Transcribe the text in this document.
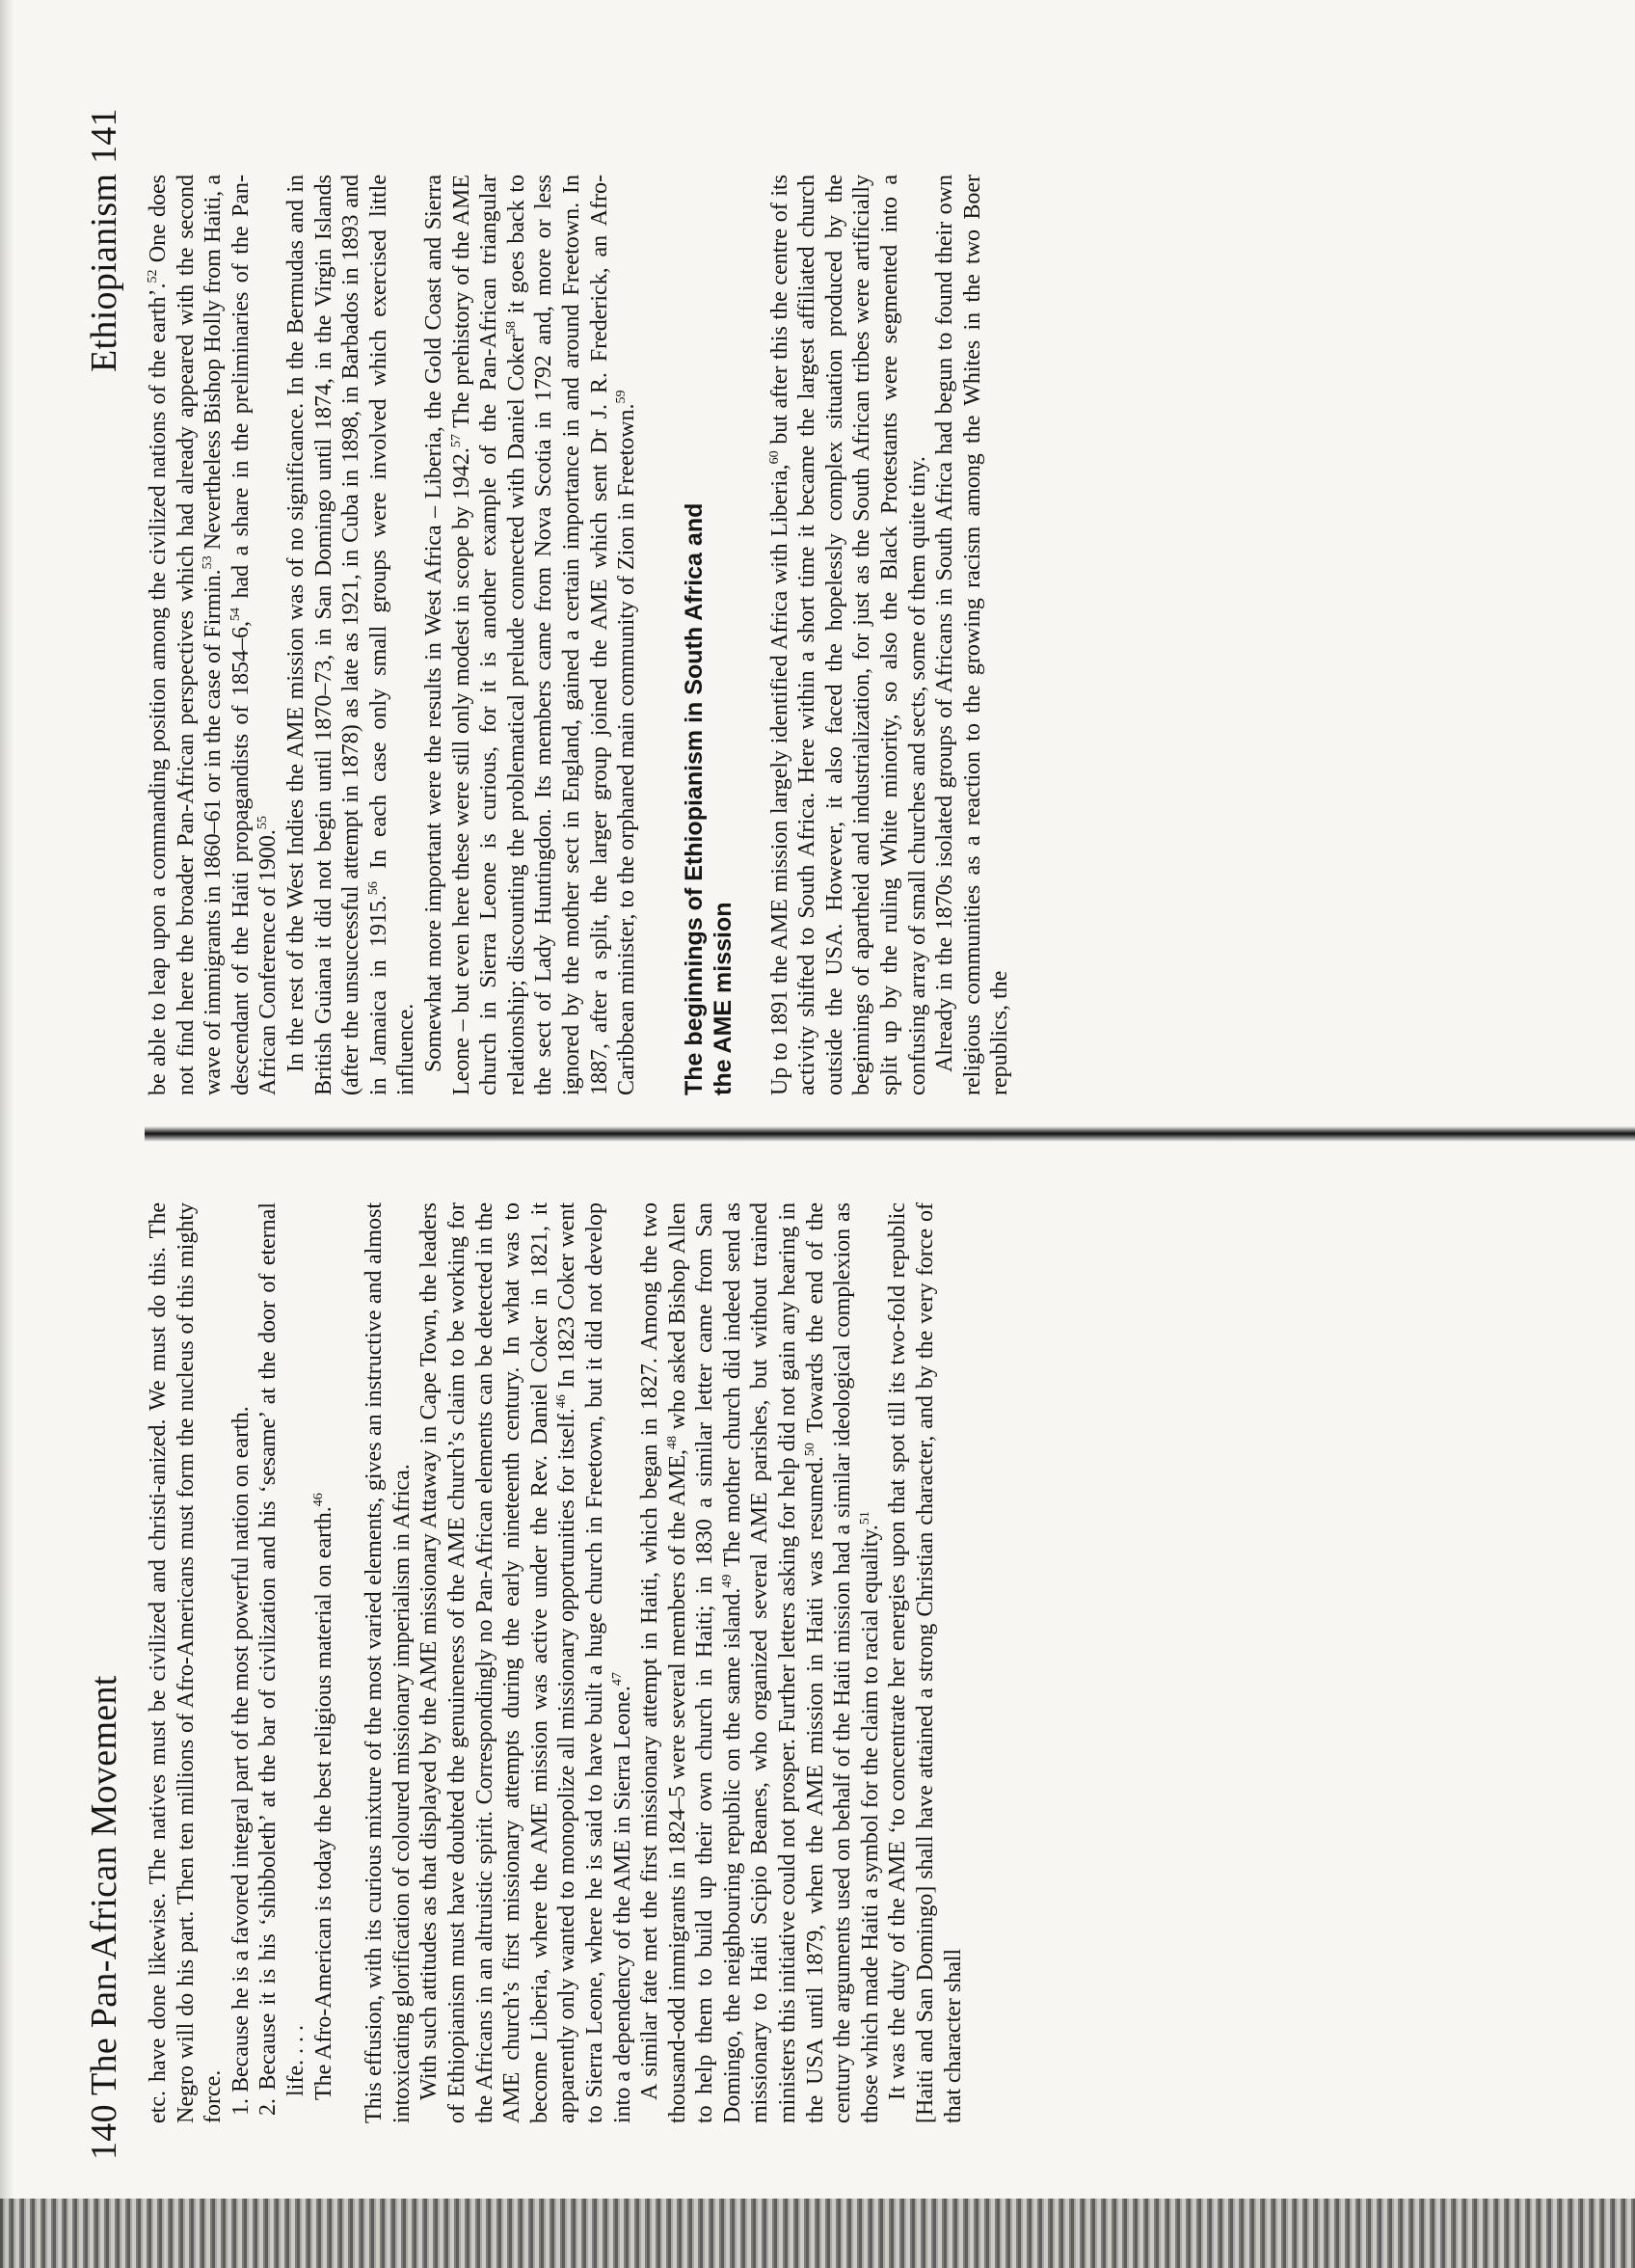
140 The Pan-African Movement etc. have done likewise. The natives must be civilized and christi-anized. We must do this. The Negro will do his part. Then ten millions of Afro-Americans must form the nucleus of this mighty force. 1. Because he is a favored integral part of the most powerful nation on earth. 2. Because it is his ‘shibboleth’ at the bar of civilization and his ‘sesame’ at the door of eternal life. . . . The Afro-American is today the best religious material on earth.$^{46}$	This effusion, with its curious mixture of the most varied elements, gives an instructive and almost intoxicating glorification of coloured missionary imperialism in Africa. With such attitudes as that displayed by the AME missionary Attaway in Cape Town, the leaders of Ethiopianism must have doubted the genuineness of the AME church’s claim to be working for the Africans in an altruistic spirit. Correspondingly no Pan-African elements can be detected in the AME church’s first missionary attempts during the early nineteenth century. In what was to become Liberia, where the AME mission was active under the Rev. Daniel Coker in 1821, it apparently only wanted to monopolize all missionary opportunities for itself.$^{46}$ In 1823 Coker went to Sierra Leone, where he is said to have built a huge church in Freetown, but it did not develop into a dependency of the AME in Sierra Leone.$^{47}$ A similar fate met the first missionary attempt in Haiti, which began in 1827. Among the two thousand-odd immigrants in 1824–5 were several members of the AME,$^{48}$ who asked Bishop Allen to help them to build up their own church in Haiti; in 1830 a similar letter came from San Domingo, the neighbouring republic on the same island.$^{49}$ The mother church did indeed send as missionary to Haiti Scipio Beanes, who organized several AME parishes, but without trained ministers this initiative could not prosper. Further letters asking for help did not gain any hearing in the USA until 1879, when the AME mission in Haiti was resumed.$^{50}$ Towards the end of the century the arguments used on behalf of the Haiti mission had a similar ideological complexion as those which made Haiti a symbol for the claim to racial equality.$^{51}$ It was the duty of the AME ‘to concentrate her energies upon that spot till its two-fold republic [Haiti and San Domingo] shall have attained a strong Christian character, and by the very force of that character shall

Ethiopianism 141

be able to leap upon a commanding position among the civilized nations of the earth’.$^{52}$ One does not find here the broader Pan-African perspectives which had already appeared with the second wave of immigrants in 1860–61 or in the case of Firmin.$^{53}$ Nevertheless Bishop Holly from Haiti, a descendant of the Haiti propagandists of 1854–6,54 had a share in the preliminaries of the Pan-African Conference of 1900.55 In the rest of the West Indies the AME mission was of no significance. In the Bermudas and in British Guiana it did not begin until 1870–73, in San Domingo until 1874, in the Virgin Islands (after the unsuccessful attempt in 1878) as late as 1921, in Cuba in 1898, in Barbados in 1893 and in Jamaica in 1915.56 In each case only small groups were involved which exercised little influence. Somewhat more important were the results in West Africa – Liberia, the Gold Coast and Sierra Leone – but even here these were still only modest in scope by 1942.57 The prehistory of the AME church in Sierra Leone is curious, for it is another example of the Pan-African triangular relationship; discounting the problematical prelude connected with Daniel Coker$^{58}$ it goes back to the sect of Lady Huntingdon. Its members came from Nova Scotia in 1792 and, more or less ignored by the mother sect in England, gained a certain importance in and around Freetown. In 1887, after a split, the larger group joined the AME which sent Dr J. R. Frederick, an Afro-Caribbean minister, to the orphaned main community of Zion in Freetown.$^{59}$

The beginnings of Ethiopianism in South Africa and the AME mission Up to 1891 the AME mission largely identified Africa with Liberia,$^{60}$ but after this the centre of its activity shifted to South Africa. Here within a short time it became the largest affiliated church outside the USA. However, it also faced the hopelessly complex situation produced by the beginnings of apartheid and industrialization, for just as the South African tribes were artificially split up by the ruling White minority, so also the Black Protestants were segmented into a confusing array of small churches and sects, some of them quite tiny. Already in the 1870s isolated groups of Africans in South Africa had begun to found their own religious communities as a reaction to the growing racism among the Whites in the two Boer republics, the
